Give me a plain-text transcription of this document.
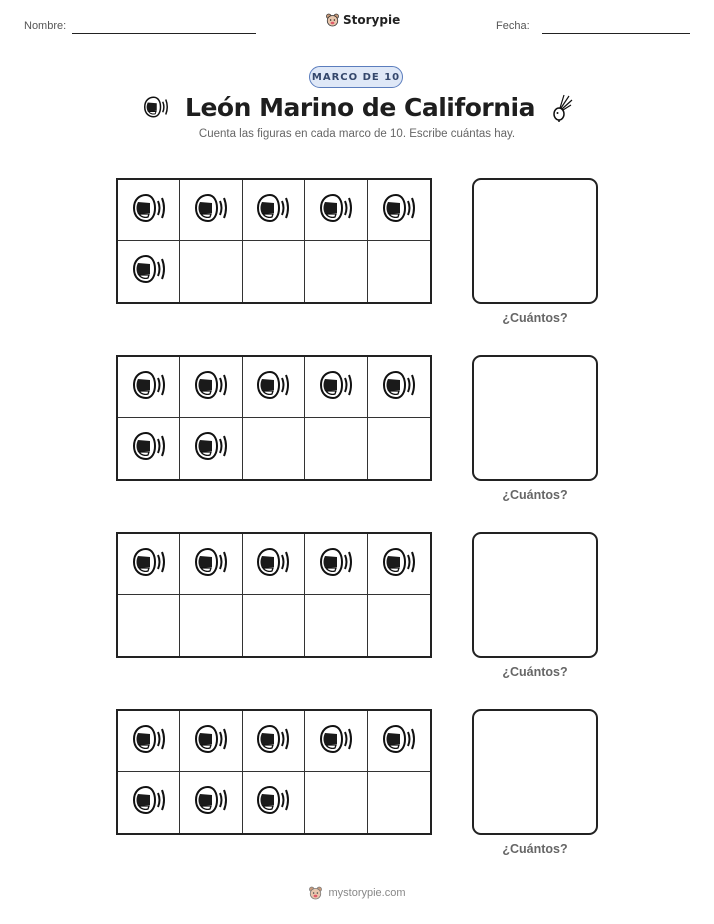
Nombre:	Storypie	Fecha:
MARCO DE 10
León Marino de California
Cuenta las figuras en cada marco de 10. Escribe cuántas hay.
¿Cuántos?
¿Cuántos?
¿Cuántos?
¿Cuántos?
mystorypie.com
